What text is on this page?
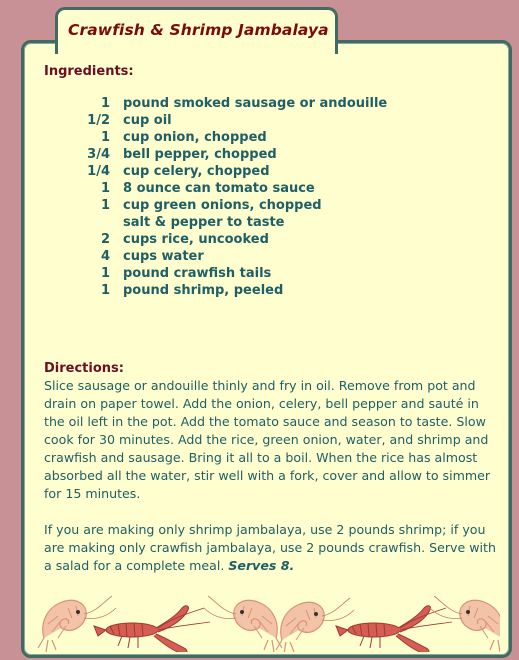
Crawfish & Shrimp Jambalaya
Ingredients:
1 pound smoked sausage or andouille
1/2 cup oil
1 cup onion, chopped
3/4 bell pepper, chopped
1/4 cup celery, chopped
1 8 ounce can tomato sauce
1 cup green onions, chopped
salt & pepper to taste
2 cups rice, uncooked
4 cups water
1 pound crawfish tails
1 pound shrimp, peeled
Directions:

Slice sausage or andouille thinly and fry in oil. Remove from pot and drain on paper towel. Add the onion, celery, bell pepper and sauté in the oil left in the pot. Add the tomato sauce and season to taste. Slow cook for 30 minutes. Add the rice, green onion, water, and shrimp and crawfish and sausage. Bring it all to a boil. When the rice has almost absorbed all the water, stir well with a fork, cover and allow to simmer for 15 minutes.

If you are making only shrimp jambalaya, use 2 pounds shrimp; if you are making only crawfish jambalaya, use 2 pounds crawfish. Serve with a salad for a complete meal. Serves 8.
